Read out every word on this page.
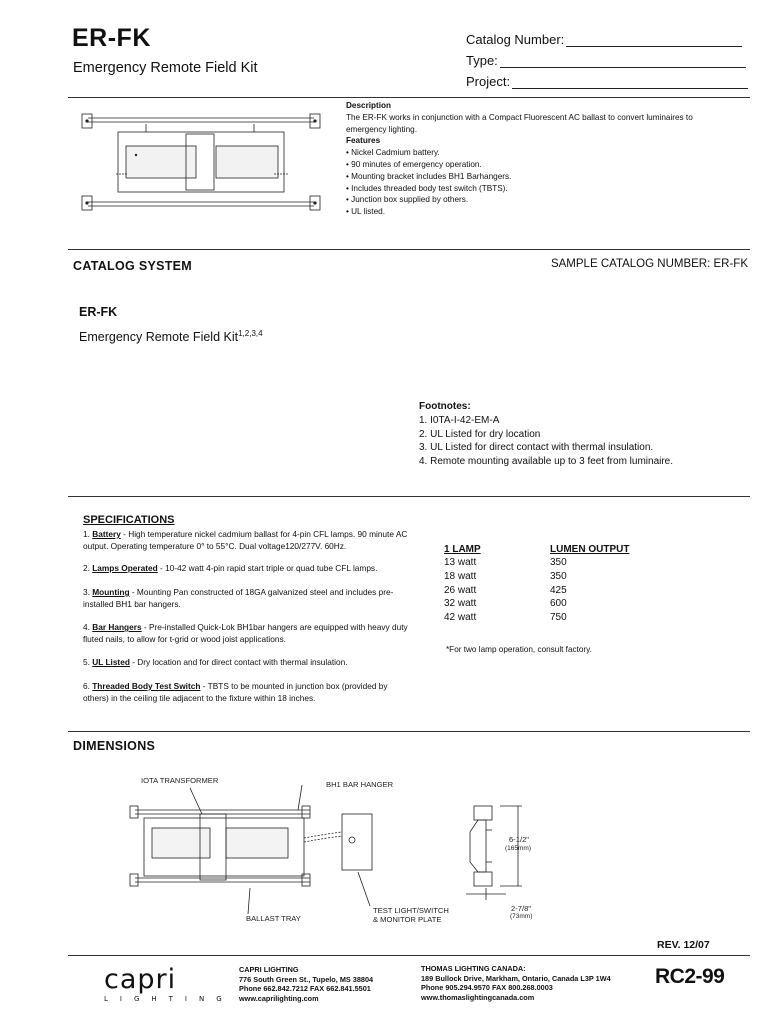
ER-FK
Emergency Remote Field Kit
Catalog Number:
Type:
Project:
Description
The ER-FK works in conjunction with a Compact Fluorescent AC ballast to convert luminaires to emergency lighting.
Features
• Nickel Cadmium battery.
• 90 minutes of emergency operation.
• Mounting bracket includes BH1 Barhangers.
• Includes threaded body test switch (TBTS).
• Junction box supplied by others.
• UL listed.
CATALOG SYSTEM	SAMPLE CATALOG NUMBER: ER-FK
ER-FK
Emergency Remote Field Kit$^{1,2,3,4}$
Footnotes:
1. I0TA-I-42-EM-A
2. UL Listed for dry location
3. UL Listed for direct contact with thermal insulation.
4. Remote mounting available up to 3 feet from luminaire.
SPECIFICATIONS
1. Battery - High temperature nickel cadmium ballast for 4-pin CFL lamps. 90 minute AC output. Operating temperature 0° to 55°C. Dual voltage120/277V. 60Hz.
2. Lamps Operated - 10-42 watt 4-pin rapid start triple or quad tube CFL lamps.
3. Mounting - Mounting Pan constructed of 18GA galvanized steel and includes pre-installed BH1 bar hangers.
4. Bar Hangers - Pre-installed Quick-Lok BH1bar hangers are equipped with heavy duty fluted nails, to allow for t-grid or wood joist applications.
5. UL Listed - Dry location and for direct contact with thermal insulation.
6. Threaded Body Test Switch - TBTS to be mounted in junction box (provided by others) in the ceiling tile adjacent to the fixture within 18 inches.
1 LAMP	LUMEN OUTPUT
13 watt	350
18 watt	350
26 watt	425
32 watt	600
42 watt	750
*For two lamp operation, consult factory.
DIMENSIONS
IOTA TRANSFORMER	BH1 BAR HANGER
BALLAST TRAY
TEST LIGHT/SWITCH
& MONITOR PLATE
6-1/2"
(165mm)
2-7/8"
(73mm)
REV. 12/07
capri
LIGHTING
CAPRI LIGHTING
776 South Green St., Tupelo, MS 38804
Phone 662.842.7212 FAX 662.841.5501
www.caprilighting.com
THOMAS LIGHTING CANADA:
189 Bullock Drive, Markham, Ontario, Canada L3P 1W4
Phone 905.294.9570 FAX 800.268.0003
www.thomaslightingcanada.com
RC2-99
